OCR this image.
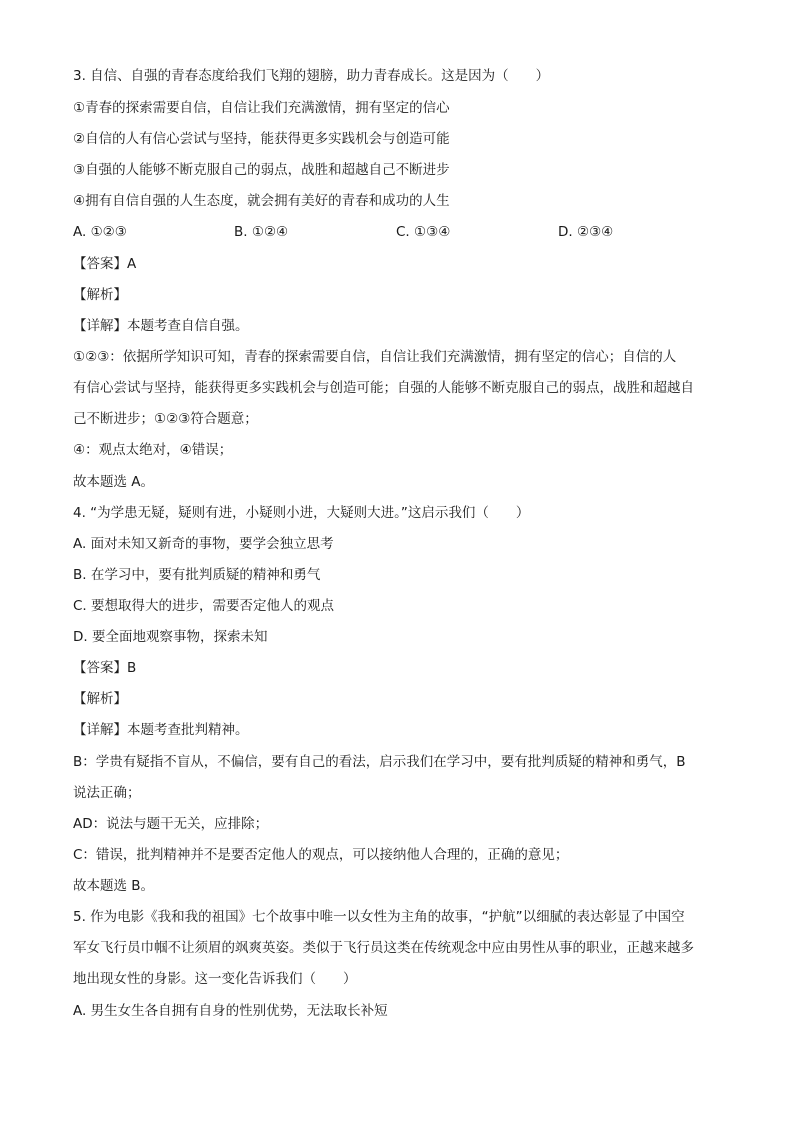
3. 自信、自强的青春态度给我们飞翔的翅膀，助力青春成长。这是因为（　　）
①青春的探索需要自信，自信让我们充满激情，拥有坚定的信心
②自信的人有信心尝试与坚持，能获得更多实践机会与创造可能
③自强的人能够不断克服自己的弱点，战胜和超越自己不断进步
④拥有自信自强的人生态度，就会拥有美好的青春和成功的人生
A. ①②③	B. ①②④	C. ①③④	D. ②③④
【答案】A
【解析】
【详解】本题考查自信自强。
①②③：依据所学知识可知，青春的探索需要自信，自信让我们充满激情，拥有坚定的信心；自信的人
有信心尝试与坚持，能获得更多实践机会与创造可能；自强的人能够不断克服自己的弱点，战胜和超越自
己不断进步；①②③符合题意；
④：观点太绝对，④错误；
故本题选 A。
4. “为学患无疑，疑则有进，小疑则小进，大疑则大进。”这启示我们（　　）
A. 面对未知又新奇的事物，要学会独立思考
B. 在学习中，要有批判质疑的精神和勇气
C. 要想取得大的进步，需要否定他人的观点
D. 要全面地观察事物，探索未知
【答案】B
【解析】
【详解】本题考查批判精神。
B：学贵有疑指不盲从，不偏信，要有自己的看法，启示我们在学习中，要有批判质疑的精神和勇气，B
说法正确；
AD：说法与题干无关，应排除；
C：错误，批判精神并不是要否定他人的观点，可以接纳他人合理的，正确的意见；
故本题选 B。
5. 作为电影《我和我的祖国》七个故事中唯一以女性为主角的故事，“护航”以细腻的表达彰显了中国空
军女飞行员巾帼不让须眉的飒爽英姿。类似于飞行员这类在传统观念中应由男性从事的职业，正越来越多
地出现女性的身影。这一变化告诉我们（　　）
A. 男生女生各自拥有自身的性别优势，无法取长补短
